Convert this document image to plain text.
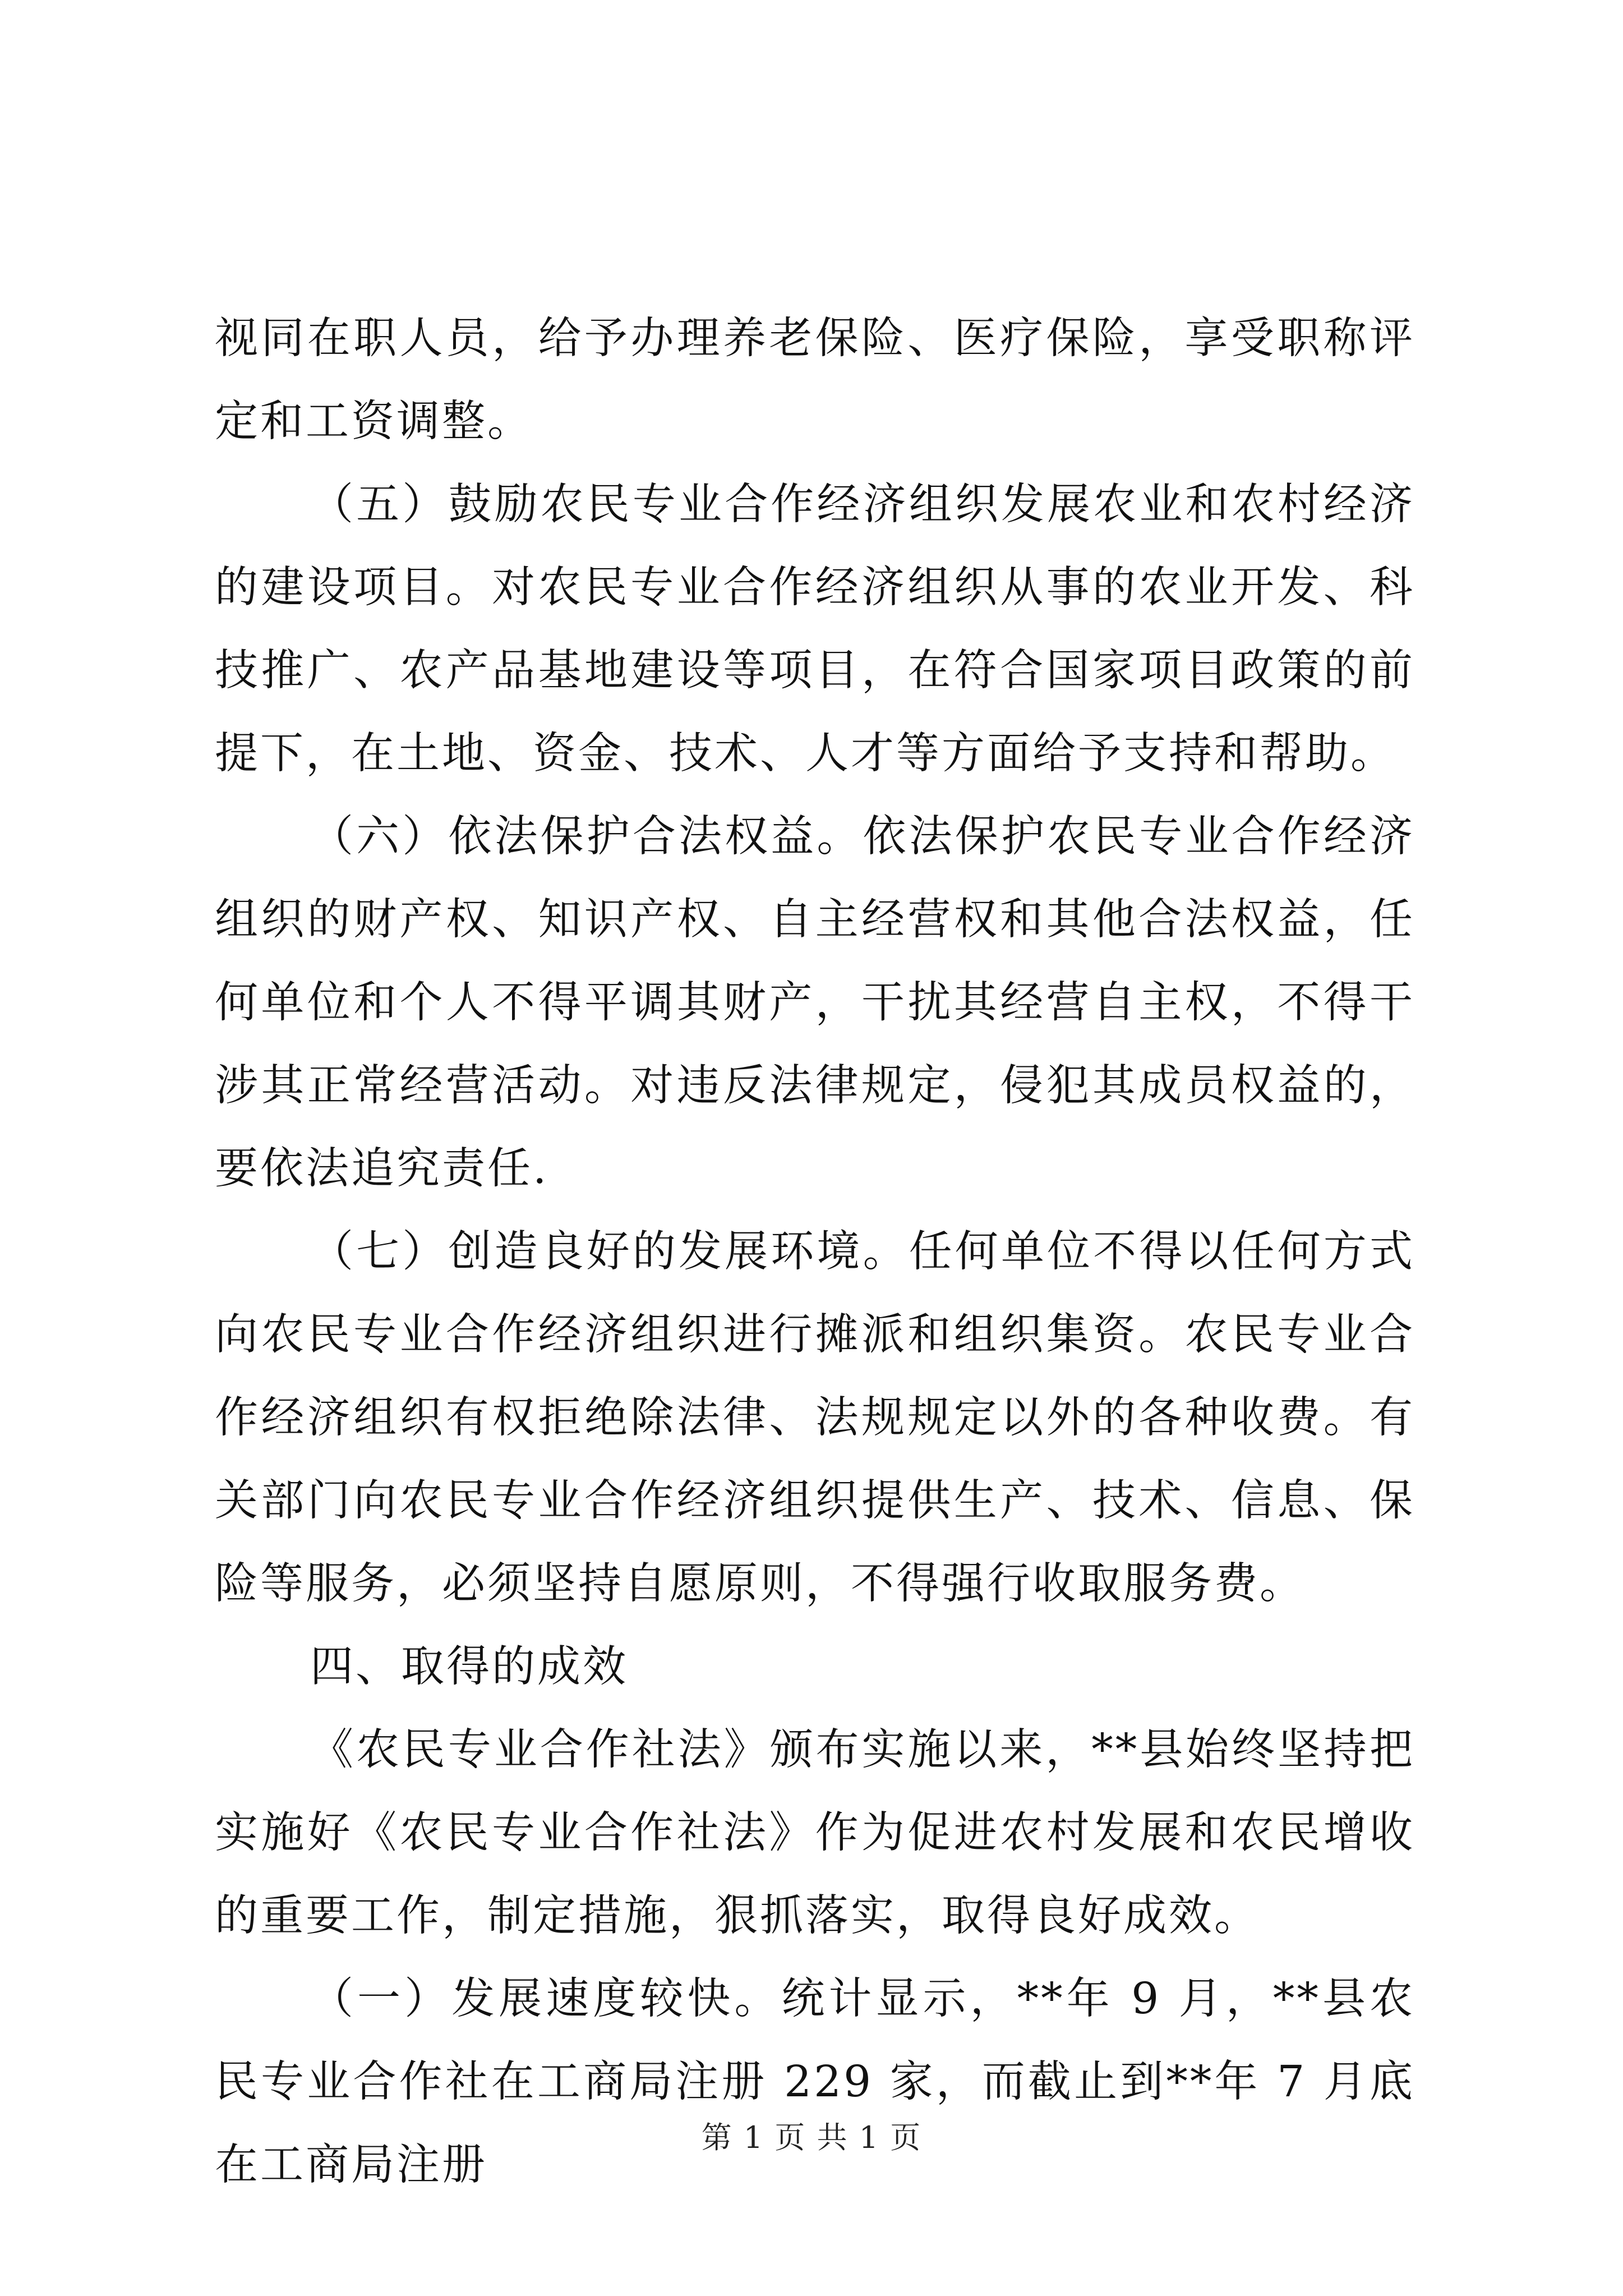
视同在职人员，给予办理养老保险、医疗保险，享受职称评定和工资调整。

（五）鼓励农民专业合作经济组织发展农业和农村经济的建设项目。对农民专业合作经济组织从事的农业开发、科技推广、农产品基地建设等项目，在符合国家项目政策的前提下，在土地、资金、技术、人才等方面给予支持和帮助。

（六）依法保护合法权益。依法保护农民专业合作经济组织的财产权、知识产权、自主经营权和其他合法权益，任何单位和个人不得平调其财产，干扰其经营自主权，不得干涉其正常经营活动。对违反法律规定，侵犯其成员权益的，要依法追究责任.

（七）创造良好的发展环境。任何单位不得以任何方式向农民专业合作经济组织进行摊派和组织集资。农民专业合作经济组织有权拒绝除法律、法规规定以外的各种收费。有关部门向农民专业合作经济组织提供生产、技术、信息、保险等服务，必须坚持自愿原则，不得强行收取服务费。

四、取得的成效

《农民专业合作社法》颁布实施以来，**县始终坚持把实施好《农民专业合作社法》作为促进农村发展和农民增收的重要工作，制定措施，狠抓落实，取得良好成效。

（一）发展速度较快。统计显示，**年 9 月，**县农民专业合作社在工商局注册 229 家，而截止到**年 7 月底在工商局注册

第 1 页 共 1 页
